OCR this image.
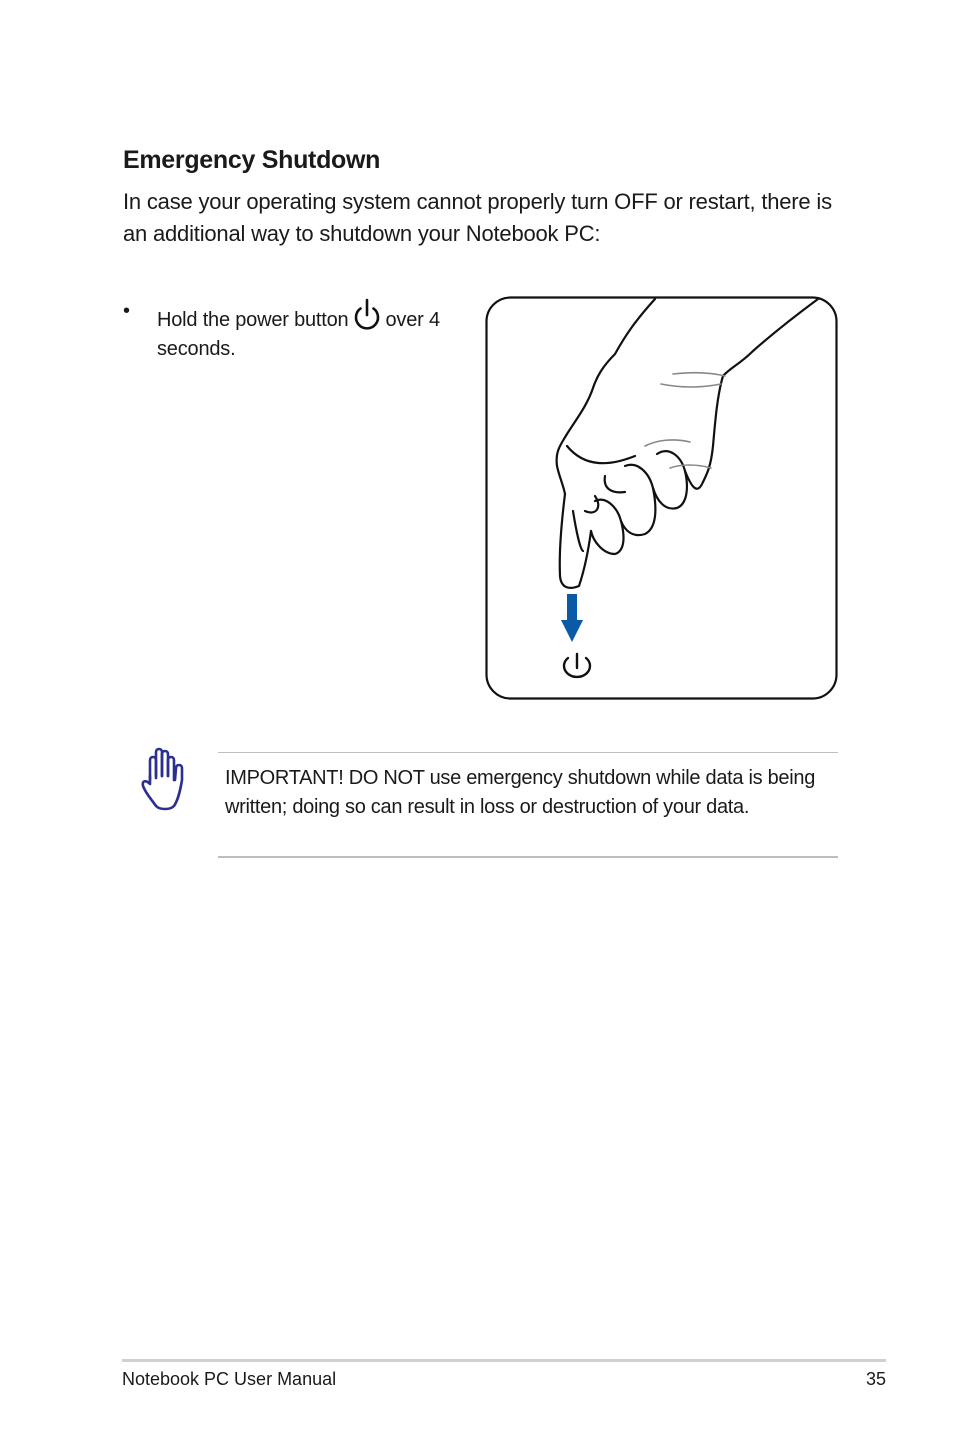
Emergency Shutdown
In case your operating system cannot properly turn OFF or restart, there is an additional way to shutdown your Notebook PC:
• Hold the power button over 4 seconds.
IMPORTANT! DO NOT use emergency shutdown while data is being written; doing so can result in loss or destruction of your data.
Notebook PC User Manual	35
